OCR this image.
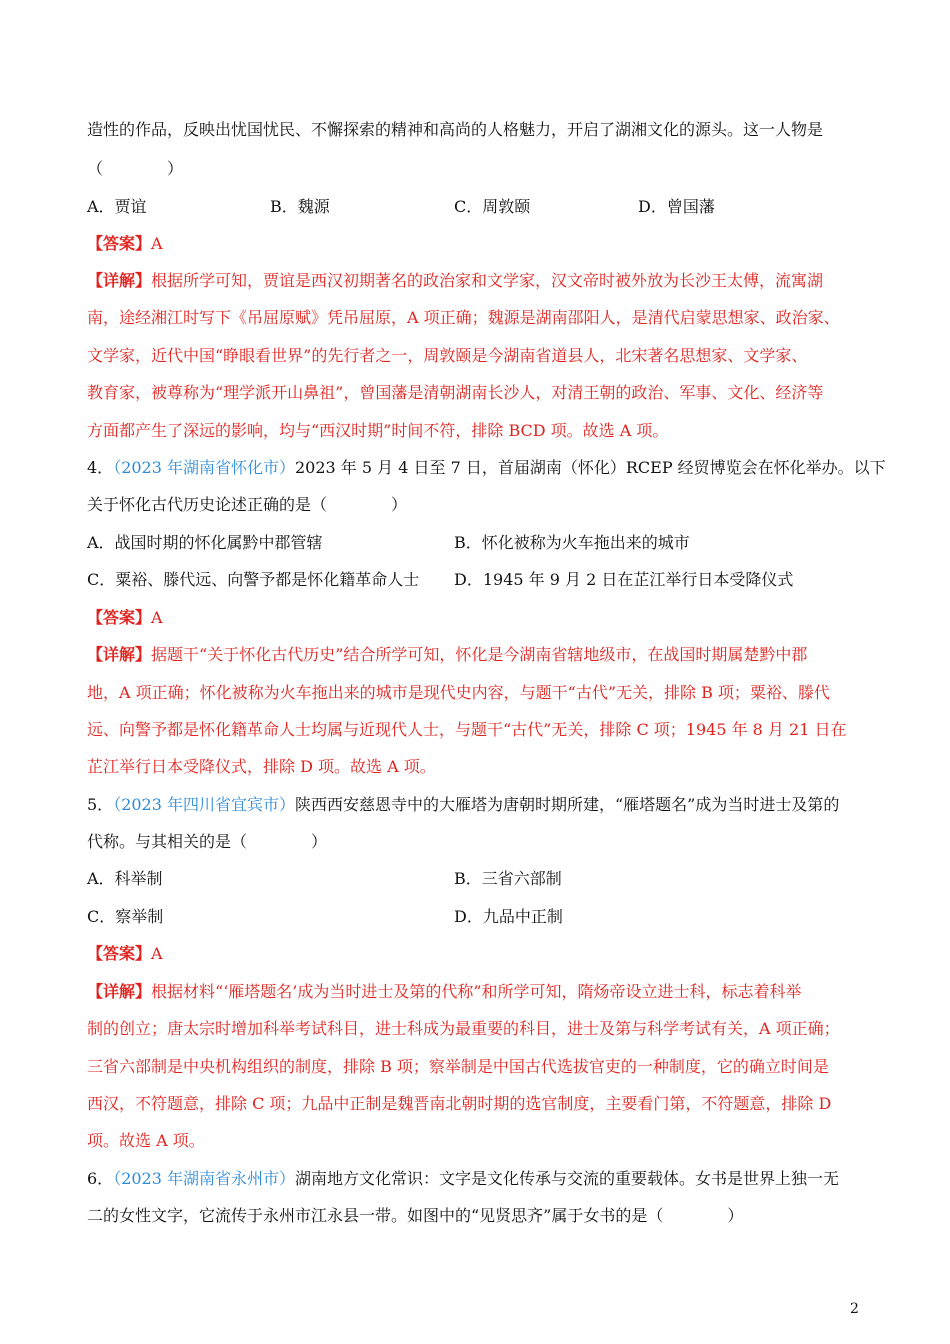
造性的作品，反映出忧国忧民、不懈探索的精神和高尚的人格魅力，开启了湖湘文化的源头。这一人物是
（　　　　）
A．贾谊	B．魏源	C．周敦颐	D．曾国藩
【答案】A
【详解】根据所学可知，贾谊是西汉初期著名的政治家和文学家，汉文帝时被外放为长沙王太傅，流寓湖
南，途经湘江时写下《吊屈原赋》凭吊屈原，A 项正确；魏源是湖南邵阳人，是清代启蒙思想家、政治家、
文学家，近代中国“睁眼看世界”的先行者之一，周敦颐是今湖南省道县人，北宋著名思想家、文学家、
教育家，被尊称为“理学派开山鼻祖”，曾国藩是清朝湖南长沙人，对清王朝的政治、军事、文化、经济等
方面都产生了深远的影响，均与“西汉时期”时间不符，排除 BCD 项。故选 A 项。
4．（2023 年湖南省怀化市）2023 年 5 月 4 日至 7 日，首届湖南（怀化）RCEP 经贸博览会在怀化举办。以下
关于怀化古代历史论述正确的是（　　　　）
A．战国时期的怀化属黔中郡管辖	B．怀化被称为火车拖出来的城市
C．粟裕、滕代远、向警予都是怀化籍革命人士 D．1945 年 9 月 2 日在芷江举行日本受降仪式
【答案】A
【详解】据题干“关于怀化古代历史”结合所学可知，怀化是今湖南省辖地级市，在战国时期属楚黔中郡
地，A 项正确；怀化被称为火车拖出来的城市是现代史内容，与题干“古代”无关，排除 B 项；粟裕、滕代
远、向警予都是怀化籍革命人士均属与近现代人士，与题干“古代”无关，排除 C 项；1945 年 8 月 21 日在
芷江举行日本受降仪式，排除 D 项。故选 A 项。
5．（2023 年四川省宜宾市）陕西西安慈恩寺中的大雁塔为唐朝时期所建，“雁塔题名”成为当时进士及第的
代称。与其相关的是（　　　　）
A．科举制	B．三省六部制
C．察举制	D．九品中正制
【答案】A
【详解】根据材料“‘雁塔题名’成为当时进士及第的代称”和所学可知，隋炀帝设立进士科，标志着科举
制的创立；唐太宗时增加科举考试科目，进士科成为最重要的科目，进士及第与科学考试有关，A 项正确；
三省六部制是中央机构组织的制度，排除 B 项；察举制是中国古代选拔官吏的一种制度，它的确立时间是
西汉，不符题意，排除 C 项；九品中正制是魏晋南北朝时期的选官制度，主要看门第，不符题意，排除 D
项。故选 A 项。
6．（2023 年湖南省永州市）湖南地方文化常识：文字是文化传承与交流的重要载体。女书是世界上独一无
二的女性文字，它流传于永州市江永县一带。如图中的“见贤思齐”属于女书的是（　　　　）
2
